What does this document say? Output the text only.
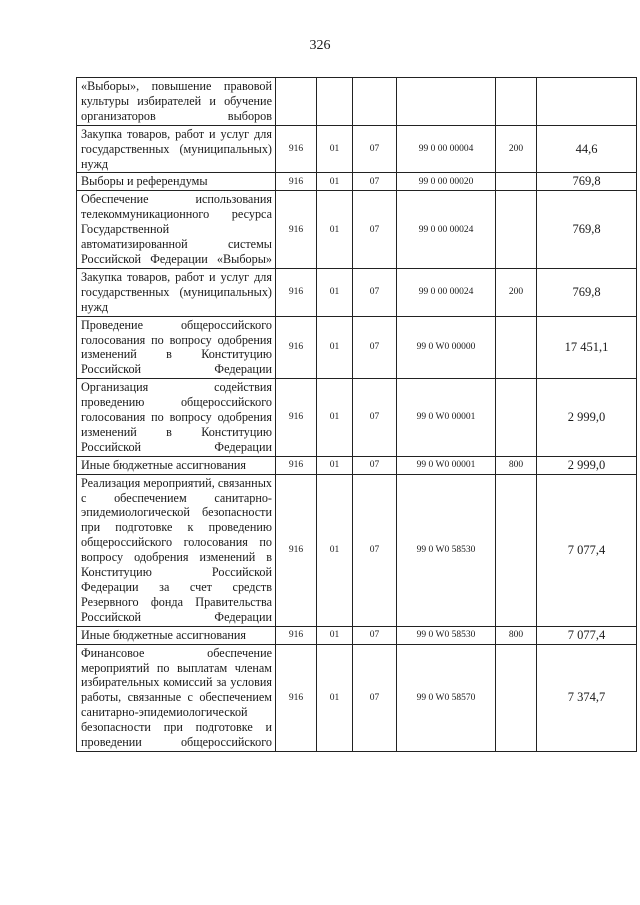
326
«Выборы», повышение правовой культуры избирателей и обучение организаторов выборов						
Закупка товаров, работ и услуг для государственных (муниципальных) нужд	916	01	07	99 0 00 00004	200	44,6
Выборы и референдумы	916	01	07	99 0 00 00020		769,8
Обеспечение использования телекоммуникационного ресурса Государственной автоматизированной системы Российской Федерации «Выборы»	916	01	07	99 0 00 00024		769,8
Закупка товаров, работ и услуг для государственных (муниципальных) нужд	916	01	07	99 0 00 00024	200	769,8
Проведение общероссийского голосования по вопросу одобрения изменений в Конституцию Российской Федерации	916	01	07	99 0 W0 00000		17 451,1
Организация содействия проведению общероссийского голосования по вопросу одобрения изменений в Конституцию Российской Федерации	916	01	07	99 0 W0 00001		2 999,0
Иные бюджетные ассигнования	916	01	07	99 0 W0 00001	800	2 999,0
Реализация мероприятий, связанных с обеспечением санитарно-эпидемиологической безопасности при подготовке к проведению общероссийского голосования по вопросу одобрения изменений в Конституцию Российской Федерации за счет средств Резервного фонда Правительства Российской Федерации	916	01	07	99 0 W0 58530		7 077,4
Иные бюджетные ассигнования	916	01	07	99 0 W0 58530	800	7 077,4
Финансовое обеспечение мероприятий по выплатам членам избирательных комиссий за условия работы, связанные с обеспечением санитарно-эпидемиологической безопасности при подготовке и проведении общероссийского	916	01	07	99 0 W0 58570		7 374,7
